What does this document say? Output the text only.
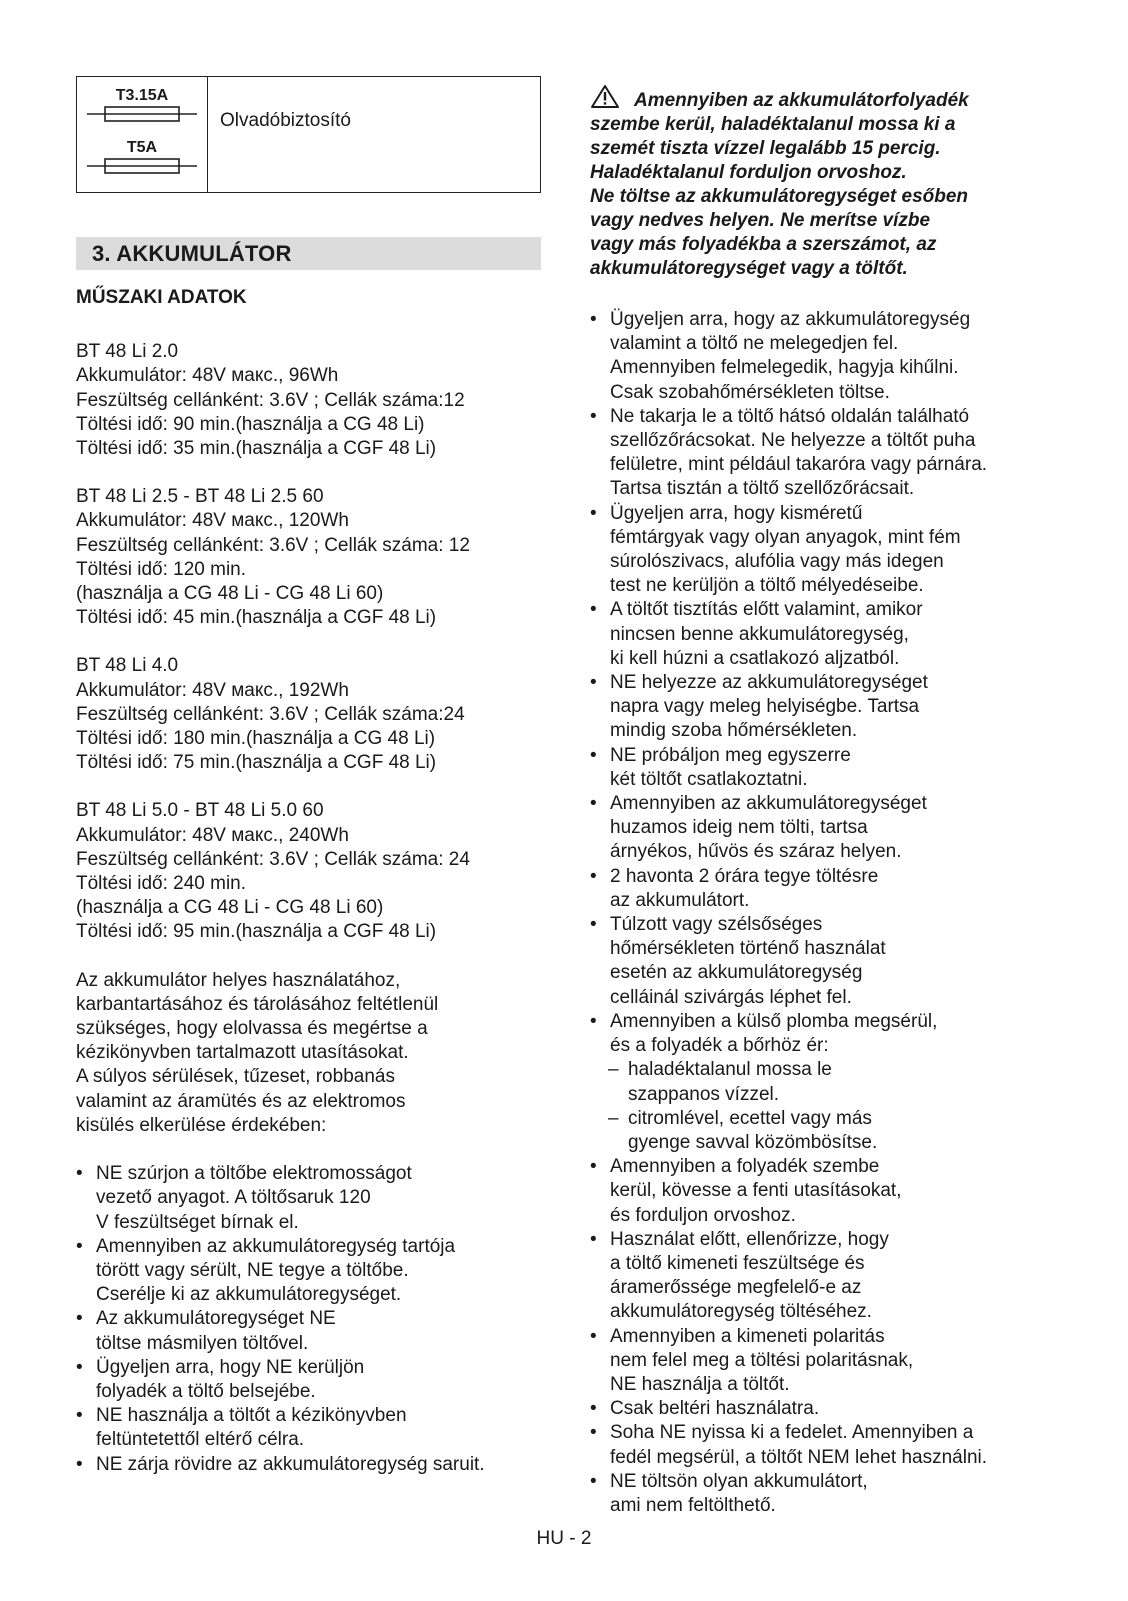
T3.15A
T5A
Olvadóbiztosító
3. AKKUMULÁTOR
MŰSZAKI ADATOK
BT 48 Li 2.0
Akkumulátor: 48V макс., 96Wh
Feszültség cellánként: 3.6V ; Cellák száma:12
Töltési idő: 90 min.(használja a CG 48 Li)
Töltési idő: 35 min.(használja a CGF 48 Li)
BT 48 Li 2.5 - BT 48 Li 2.5 60
Akkumulátor: 48V макс., 120Wh
Feszültség cellánként: 3.6V ; Cellák száma: 12
Töltési idő: 120 min.
(használja a CG 48 Li - CG 48 Li 60)
Töltési idő: 45 min.(használja a CGF 48 Li)
BT 48 Li 4.0
Akkumulátor: 48V макс., 192Wh
Feszültség cellánként: 3.6V ; Cellák száma:24
Töltési idő: 180 min.(használja a CG 48 Li)
Töltési idő: 75 min.(használja a CGF 48 Li)
BT 48 Li 5.0 - BT 48 Li 5.0 60
Akkumulátor: 48V макс., 240Wh
Feszültség cellánként: 3.6V ; Cellák száma: 24
Töltési idő: 240 min.
(használja a CG 48 Li - CG 48 Li 60)
Töltési idő: 95 min.(használja a CGF 48 Li)
Az akkumulátor helyes használatához,
karbantartásához és tárolásához feltétlenül
szükséges, hogy elolvassa és megértse a
kézikönyvben tartalmazott utasításokat.
A súlyos sérülések, tűzeset, robbanás
valamint az áramütés és az elektromos
kisülés elkerülése érdekében:
• NE szúrjon a töltőbe elektromosságot
vezető anyagot. A töltősaruk 120
V feszültséget bírnak el.
• Amennyiben az akkumulátoregység tartója
törött vagy sérült, NE tegye a töltőbe.
Cserélje ki az akkumulátoregységet.
• Az akkumulátoregységet NE
töltse másmilyen töltővel.
• Ügyeljen arra, hogy NE kerüljön
folyadék a töltő belsejébe.
• NE használja a töltőt a kézikönyvben
feltüntetettől eltérő célra.
• NE zárja rövidre az akkumulátoregység saruit.
Amennyiben az akkumulátorfolyadék
szembe kerül, haladéktalanul mossa ki a
szemét tiszta vízzel legalább 15 percig.
Haladéktalanul forduljon orvoshoz.
Ne töltse az akkumulátoregységet esőben
vagy nedves helyen. Ne merítse vízbe
vagy más folyadékba a szerszámot, az
akkumulátoregységet vagy a töltőt.
• Ügyeljen arra, hogy az akkumulátoregység
valamint a töltő ne melegedjen fel.
Amennyiben felmelegedik, hagyja kihűlni.
Csak szobahőmérsékleten töltse.
• Ne takarja le a töltő hátsó oldalán található
szellőzőrácsokat. Ne helyezze a töltőt puha
felületre, mint például takaróra vagy párnára.
Tartsa tisztán a töltő szellőzőrácsait.
• Ügyeljen arra, hogy kisméretű
fémtárgyak vagy olyan anyagok, mint fém
súrolószivacs, alufólia vagy más idegen
test ne kerüljön a töltő mélyedéseibe.
• A töltőt tisztítás előtt valamint, amikor
nincsen benne akkumulátoregység,
ki kell húzni a csatlakozó aljzatból.
• NE helyezze az akkumulátoregységet
napra vagy meleg helyiségbe. Tartsa
mindig szoba hőmérsékleten.
• NE próbáljon meg egyszerre
két töltőt csatlakoztatni.
• Amennyiben az akkumulátoregységet
huzamos ideig nem tölti, tartsa
árnyékos, hűvös és száraz helyen.
• 2 havonta 2 órára tegye töltésre
az akkumulátort.
• Túlzott vagy szélsőséges
hőmérsékleten történő használat
esetén az akkumulátoregység
celláinál szivárgás léphet fel.
• Amennyiben a külső plomba megsérül,
és a folyadék a bőrhöz ér:
– haladéktalanul mossa le
szappanos vízzel.
– citromlével, ecettel vagy más
gyenge savval közömbösítse.
• Amennyiben a folyadék szembe
kerül, kövesse a fenti utasításokat,
és forduljon orvoshoz.
• Használat előtt, ellenőrizze, hogy
a töltő kimeneti feszültsége és
áramerőssége megfelelő-e az
akkumulátoregység töltéséhez.
• Amennyiben a kimeneti polaritás
nem felel meg a töltési polaritásnak,
NE használja a töltőt.
• Csak beltéri használatra.
• Soha NE nyissa ki a fedelet. Amennyiben a
fedél megsérül, a töltőt NEM lehet használni.
• NE töltsön olyan akkumulátort,
ami nem feltölthető.
HU - 2
